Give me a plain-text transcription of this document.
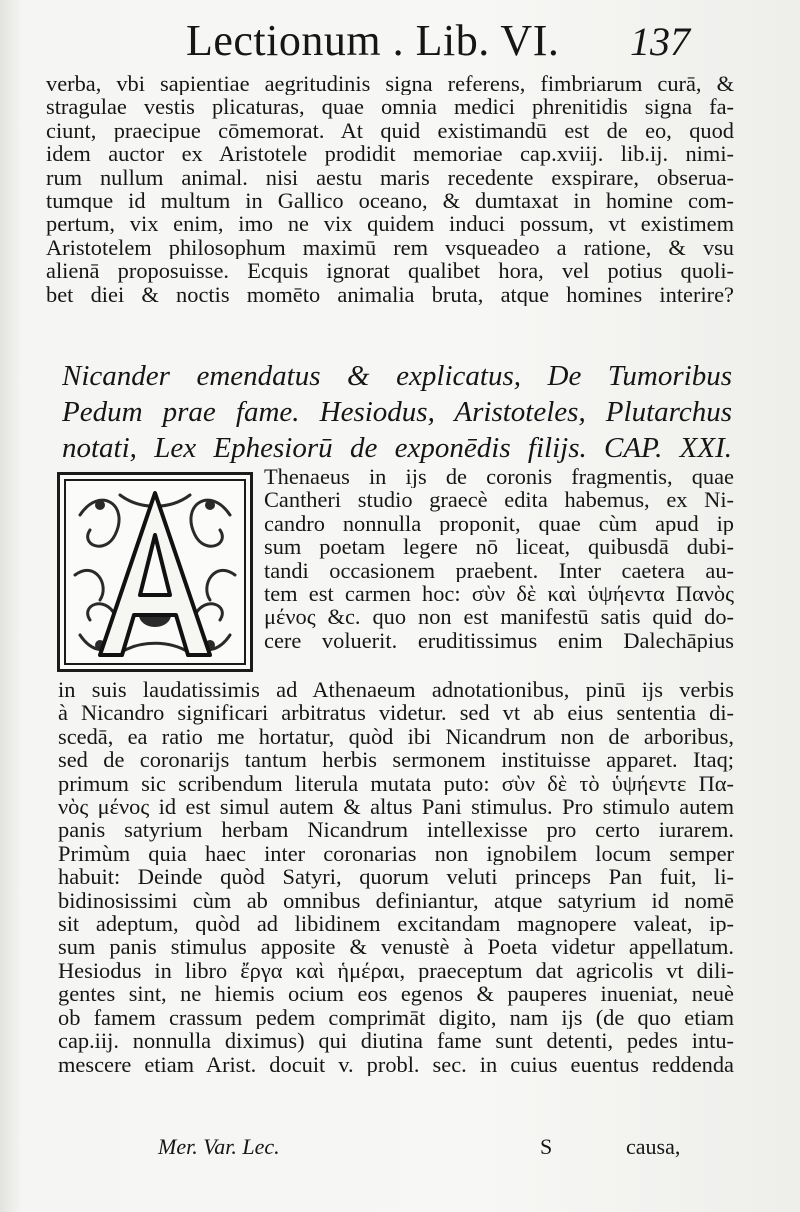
Lectionum . Lib. VI. 137
verba, vbi sapientiae aegritudinis signa referens, fimbriarum curā, &
stragulae vestis plicaturas, quae omnia medici phrenitidis signa fa-
ciunt, praecipue cōmemorat. At quid existimandū est de eo, quod
idem auctor ex Aristotele prodidit memoriae cap.xviij. lib.ij. nimi-
rum nullum animal. nisi aestu maris recedente exspirare, obserua-
tumque id multum in Gallico oceano, & dumtaxat in homine com-
pertum, vix enim, imo ne vix quidem induci possum, vt existimem
Aristotelem philosophum maximū rem vsqueadeo a ratione, & vsu
alienā proposuisse. Ecquis ignorat qualibet hora, vel potius quoli-
bet diei & noctis momēto animalia bruta, atque homines interire?
Nicander emendatus & explicatus, De Tumoribus
Pedum prae fame. Hesiodus, Aristoteles, Plutarchus
notati, Lex Ephesiorū de exponēdis filijs. CAP. XXI.
Thenaeus in ijs de coronis fragmentis, quae
Cantheri studio graecè edita habemus, ex Ni-
candro nonnulla proponit, quae cùm apud ip
sum poetam legere nō liceat, quibusdā dubi-
tandi occasionem praebent. Inter caetera au-
tem est carmen hoc: σὺν δὲ καὶ ὑψήεντα Πανὸς
μένος &c. quo non est manifestū satis quid do-
cere voluerit. eruditissimus enim Dalechāpius
in suis laudatissimis ad Athenaeum adnotationibus, pinū ijs verbis
à Nicandro significari arbitratus videtur. sed vt ab eius sententia di-
scedā, ea ratio me hortatur, quòd ibi Nicandrum non de arboribus,
sed de coronarijs tantum herbis sermonem instituisse apparet. Itaq;
primum sic scribendum literula mutata puto: σὺν δὲ τὸ ὑψήεντε Πα-
νὸς μένος id est simul autem & altus Pani stimulus. Pro stimulo autem
panis satyrium herbam Nicandrum intellexisse pro certo iurarem.
Primùm quia haec inter coronarias non ignobilem locum semper
habuit: Deinde quòd Satyri, quorum veluti princeps Pan fuit, li-
bidinosissimi cùm ab omnibus definiantur, atque satyrium id nomē
sit adeptum, quòd ad libidinem excitandam magnopere valeat, ip-
sum panis stimulus apposite & venustè à Poeta videtur appellatum.
Hesiodus in libro ἔργα καὶ ἡμέραι, praeceptum dat agricolis vt dili-
gentes sint, ne hiemis ocium eos egenos & pauperes inueniat, neuè
ob famem crassum pedem comprimāt digito, nam ijs (de quo etiam
cap.iij. nonnulla diximus) qui diutina fame sunt detenti, pedes intu-
mescere etiam Arist. docuit v. probl. sec. in cuius euentus reddenda
Mer. Var. Lec.	S	causa,
